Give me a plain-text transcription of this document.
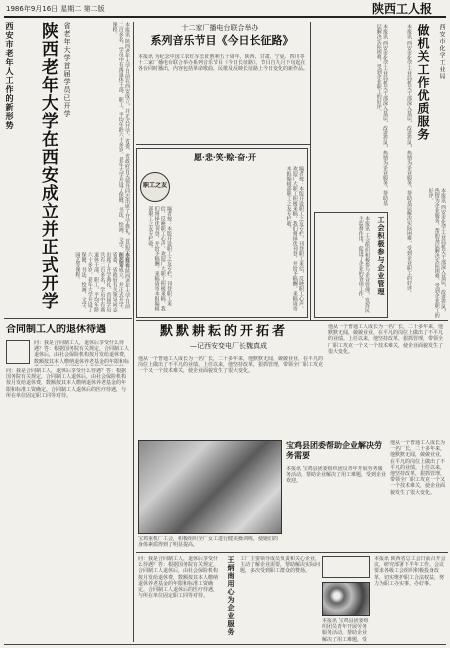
1986年9月16日 星期二 第二版	陕西工人报
西安市老年人工作的新形势	陕西老年大学在西安成立并正式开学 省老年大学首届学员已开学	本报讯 陕西老年大学日前在西安成立，并正式开学。省委、省政府有关领导同志出席了开学典礼。首届学员共有二百多名，学员中有离退休干部、职工，平均年龄六十多岁。老年大学开设了保健、书法、绘画、文学、园艺等课程。
本报讯 陕西老年大学日前在西安成立，并正式开学。省委、省政府有关领导同志出席了开学典礼。首届学员共有二百多名，学员中有离退休干部、职工，平均年龄六十多岁。老年大学开设了保健、书法、绘画、文学、园艺等课程。
合同制工人的退休待遇
问：我是合同制工人，退休后享受什么待遇？答：根据国务院有关规定，合同制工人退休后，由社会保险机构按月发给退休费，数额按其本人缴纳退休养老基金的年限和标
问：我是合同制工人，退休后享受什么待遇？答：根据国务院有关规定，合同制工人退休后，由社会保险机构按月发给退休费，数额按其本人缴纳退休养老基金的年限和标准工资确定。合同制工人退休后的医疗待遇，与所在单位固定职工同等对待。
十二家厂播电台联合举办
系列音乐节目《今日长征路》
本报讯 为纪念中国工农红军长征胜利五十周年，陕西、甘肃、宁夏、四川等十二家厂播电台联合举办系列音乐节目《今日长征路》。节目自九月下旬起在各台同时播出，内容包括革命歌曲、民歌及反映长征路上今日变化的新作品。
职工之友
愿·悲·笑·赊·奋·开
编者按：本版开设职工之友专栏，刊登职工来信，反映职工心声。欢迎广大职工积极来稿。我们将择优刊登，并给予稿酬。来稿请寄本报编辑部职工之友专栏收。
编者按：本版开设职工之友专栏，刊登职工来信，反映职工心声。欢迎广大职工积极来稿。我们将择优刊登，并给予稿酬。来稿请寄本报编辑部职工之友专栏收。
本报讯 西安市化学工业局机关干部深入基层，改进作风，热情为企业服务，帮助基层解决实际困难，受到企业职工的好评。
工会积极参与企业管理
本报讯 工会组织积极参与企业管理，发挥民主监督作用，促进了企业的各项工作。
西安市化学工业局
做机关工作优质服务
本报讯 西安市化学工业局机关干部深入基层，改进作风，热情为企业服务，帮助基层解决实际困难，受到企业职工的好评。	本报讯 西安市化学工业局机关干部深入基层，改进作风，热情为企业服务，帮助基层解决实际困难，受到企业职工的好评。
默默耕耘的开拓者
—记西安变电厂长魏真成
他从一个普通工人成长为一名厂长，二十多年来，他默默无闻，兢兢业业，在平凡的岗位上做出了不平凡的业绩。上任以来，他坚持改革，狠抓管理，带领全厂职工攻克一个又一个技术难关，使企业面貌发生了很大变化。
他从一个普通工人成长为一名厂长，二十多年来，他默默无闻，兢兢业业，在平凡的岗位上做出了不平凡的业绩。上任以来，他坚持改革，狠抓管理，带领全厂职工攻克一个又一个技术难关，使企业面貌发生了很大变化。
宝鸡重机厂工会，积极组织全厂女工进行健美操训练，使她们的身体素质得到了明显提高。
宝鸡县团委帮助企业解决劳务需要
本报讯 宝鸡县团委组织团员青年开展劳务服务活动，帮助企业解决了用工难题，受到企业欢迎。
他从一个普通工人成长为一名厂长，二十多年来，他默默无闻，兢兢业业，在平凡的岗位上做出了不平凡的业绩。上任以来，他坚持改革，狠抓管理，带领全厂职工攻克一个又一个技术难关，使企业面貌发生了很大变化。
问：我是合同制工人，退休后享受什么待遇？答：根据国务院有关规定，合同制工人退休后，由社会保险机构按月发给退休费，数额按其本人缴纳退休养老基金的年限和标准工资确定。合同制工人退休后的医疗待遇，与所在单位固定职工同等对待。	王炳南用心为企业服务 工厂主要领导成员负责和关心企业，主动了解企业需要，帮助解决实际问题，多次受到职工群众的赞扬。
本报讯 宝鸡县团委组织团员青年开展劳务服务活动，帮助企业解决了用工难题，受
本报讯 陕西省总工会日前召开会议，研究部署下半年工作。会议要求各级工会组织积极投身改革，切实维护职工合法权益，努力为职工办实事、办好事。
